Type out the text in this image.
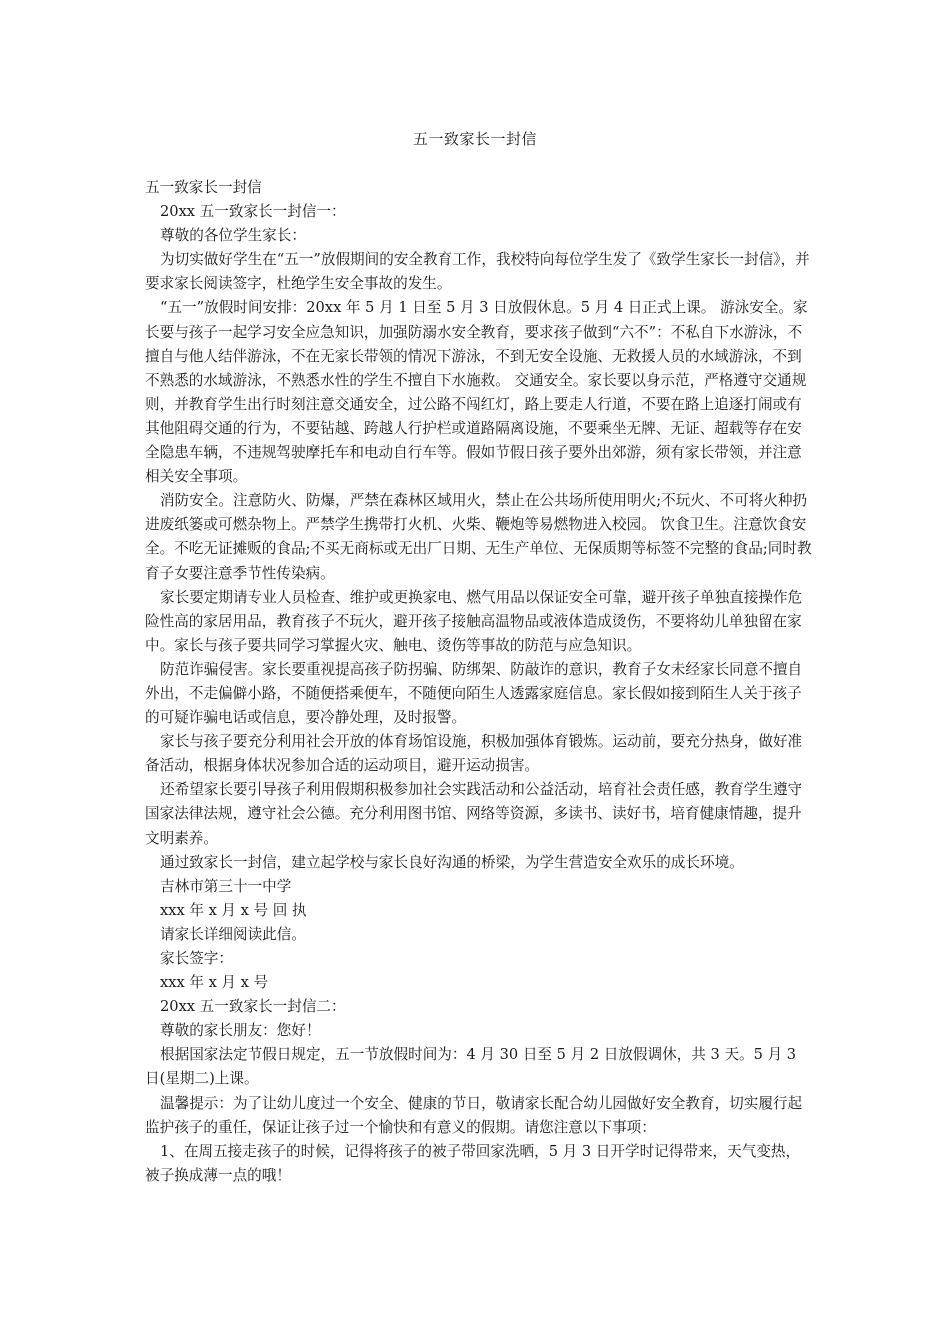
五一致家长一封信

五一致家长一封信

20xx 五一致家长一封信一：

尊敬的各位学生家长：

为切实做好学生在“五一”放假期间的安全教育工作，我校特向每位学生发了《致学生家长一封信》，并要求家长阅读签字，杜绝学生安全事故的发生。

“五一”放假时间安排：20xx 年 5 月 1 日至 5 月 3 日放假休息。5 月 4 日正式上课。 游泳安全。家长要与孩子一起学习安全应急知识，加强防溺水安全教育，要求孩子做到“六不”：不私自下水游泳，不擅自与他人结伴游泳，不在无家长带领的情况下游泳，不到无安全设施、无救援人员的水域游泳，不到不熟悉的水域游泳，不熟悉水性的学生不擅自下水施救。 交通安全。家长要以身示范，严格遵守交通规则，并教育学生出行时刻注意交通安全，过公路不闯红灯，路上要走人行道，不要在路上追逐打闹或有其他阻碍交通的行为，不要钻越、跨越人行护栏或道路隔离设施，不要乘坐无牌、无证、超载等存在安全隐患车辆，不违规驾驶摩托车和电动自行车等。假如节假日孩子要外出郊游，须有家长带领，并注意相关安全事项。

消防安全。注意防火、防爆，严禁在森林区域用火，禁止在公共场所使用明火;不玩火、不可将火种扔进废纸篓或可燃杂物上。严禁学生携带打火机、火柴、鞭炮等易燃物进入校园。 饮食卫生。注意饮食安全。不吃无证摊贩的食品;不买无商标或无出厂日期、无生产单位、无保质期等标签不完整的食品;同时教育子女要注意季节性传染病。

家长要定期请专业人员检查、维护或更换家电、燃气用品以保证安全可靠，避开孩子单独直接操作危险性高的家居用品，教育孩子不玩火，避开孩子接触高温物品或液体造成烫伤，不要将幼儿单独留在家中。家长与孩子要共同学习掌握火灾、触电、烫伤等事故的防范与应急知识。

防范诈骗侵害。家长要重视提高孩子防拐骗、防绑架、防敲诈的意识，教育子女未经家长同意不擅自外出，不走偏僻小路，不随便搭乘便车，不随便向陌生人透露家庭信息。家长假如接到陌生人关于孩子的可疑诈骗电话或信息，要冷静处理，及时报警。

家长与孩子要充分利用社会开放的体育场馆设施，积极加强体育锻炼。运动前，要充分热身，做好准备活动，根据身体状况参加合适的运动项目，避开运动损害。

还希望家长要引导孩子利用假期积极参加社会实践活动和公益活动，培育社会责任感，教育学生遵守国家法律法规，遵守社会公德。充分利用图书馆、网络等资源，多读书、读好书，培育健康情趣，提升文明素养。

通过致家长一封信，建立起学校与家长良好沟通的桥梁，为学生营造安全欢乐的成长环境。

吉林市第三十一中学

xxx 年 x 月 x 号 回 执

请家长详细阅读此信。

家长签字：

xxx 年 x 月 x 号

20xx 五一致家长一封信二：

尊敬的家长朋友：您好！

根据国家法定节假日规定，五一节放假时间为：4 月 30 日至 5 月 2 日放假调休，共 3 天。5 月 3 日(星期二)上课。

温馨提示：为了让幼儿度过一个安全、健康的节日，敬请家长配合幼儿园做好安全教育，切实履行起监护孩子的重任，保证让孩子过一个愉快和有意义的假期。请您注意以下事项：

1、在周五接走孩子的时候，记得将孩子的被子带回家洗晒，5 月 3 日开学时记得带来，天气变热，被子换成薄一点的哦！
